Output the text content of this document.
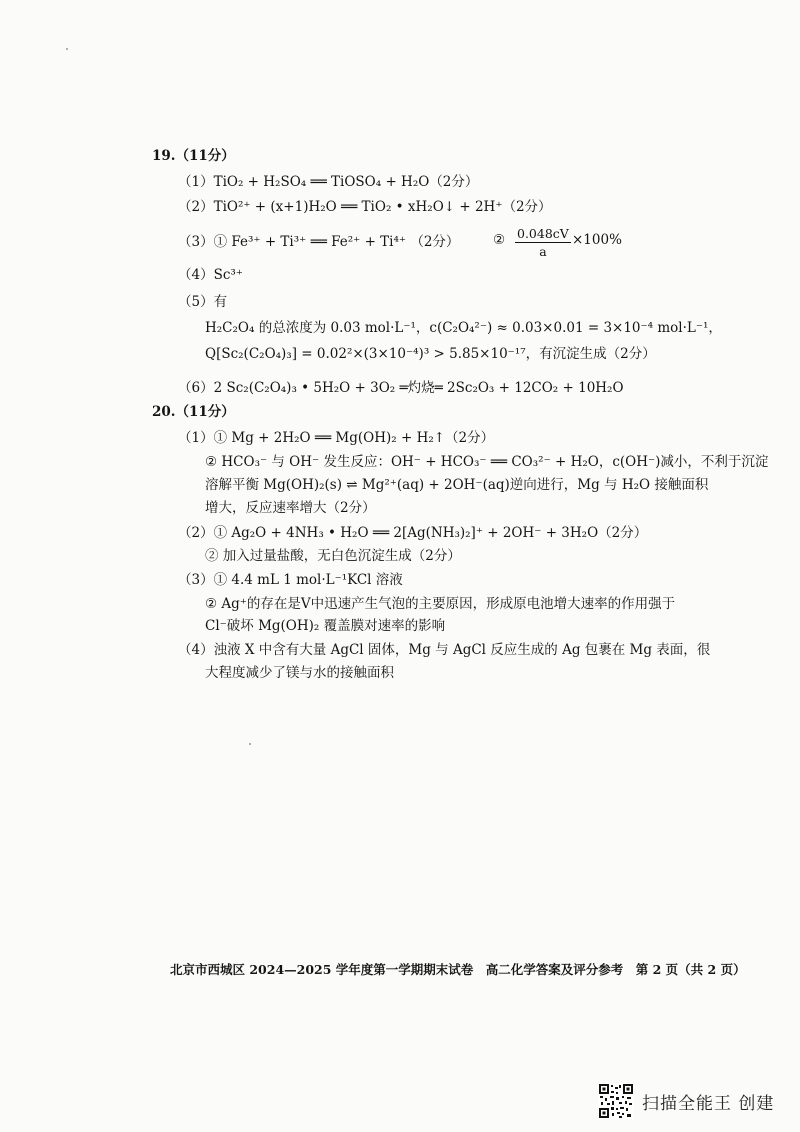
19.（11分）
（1）TiO₂ + H₂SO₄ ══ TiOSO₄ + H₂O（2分）
（2）TiO²⁺ + (x+1)H₂O ══ TiO₂ • xH₂O↓ + 2H⁺（2分）
（3）① Fe³⁺ + Ti³⁺ ══ Fe²⁺ + Ti⁴⁺ （2分） ② $\frac{0.048cV}{a} \times 100\%$
（4）Sc³⁺
（5）有
H₂C₂O₄ 的总浓度为 0.03 mol·L⁻¹，c(C₂O₄²⁻) ≈ 0.03×0.01 = 3×10⁻⁴ mol·L⁻¹，
Q[Sc₂(C₂O₄)₃] = 0.02²×(3×10⁻⁴)³ > 5.85×10⁻¹⁷，有沉淀生成（2分）
（6）2 Sc₂(C₂O₄)₃ • 5H₂O + 3O₂ ═灼烧═ 2Sc₂O₃ + 12CO₂ + 10H₂O
20.（11分）
（1）① Mg + 2H₂O ══ Mg(OH)₂ + H₂↑（2分）
② HCO₃⁻ 与 OH⁻ 发生反应：OH⁻ + HCO₃⁻ ══ CO₃²⁻ + H₂O，c(OH⁻)减小，不利于沉淀
溶解平衡 Mg(OH)₂(s) ⇌ Mg²⁺(aq) + 2OH⁻(aq)逆向进行，Mg 与 H₂O 接触面积
增大，反应速率增大（2分）
（2）① Ag₂O + 4NH₃ • H₂O ══ 2[Ag(NH₃)₂]⁺ + 2OH⁻ + 3H₂O（2分）
② 加入过量盐酸，无白色沉淀生成（2分）
（3）① 4.4 mL 1 mol·L⁻¹KCl 溶液
② Ag⁺的存在是Ⅴ中迅速产生气泡的主要原因，形成原电池增大速率的作用强于
Cl⁻破坏 Mg(OH)₂ 覆盖膜对速率的影响
（4）浊液 X 中含有大量 AgCl 固体，Mg 与 AgCl 反应生成的 Ag 包裹在 Mg 表面，很
大程度减少了镁与水的接触面积
北京市西城区 2024—2025 学年度第一学期期末试卷　高二化学答案及评分参考　第 2 页（共 2 页）
扫描全能王 创建
